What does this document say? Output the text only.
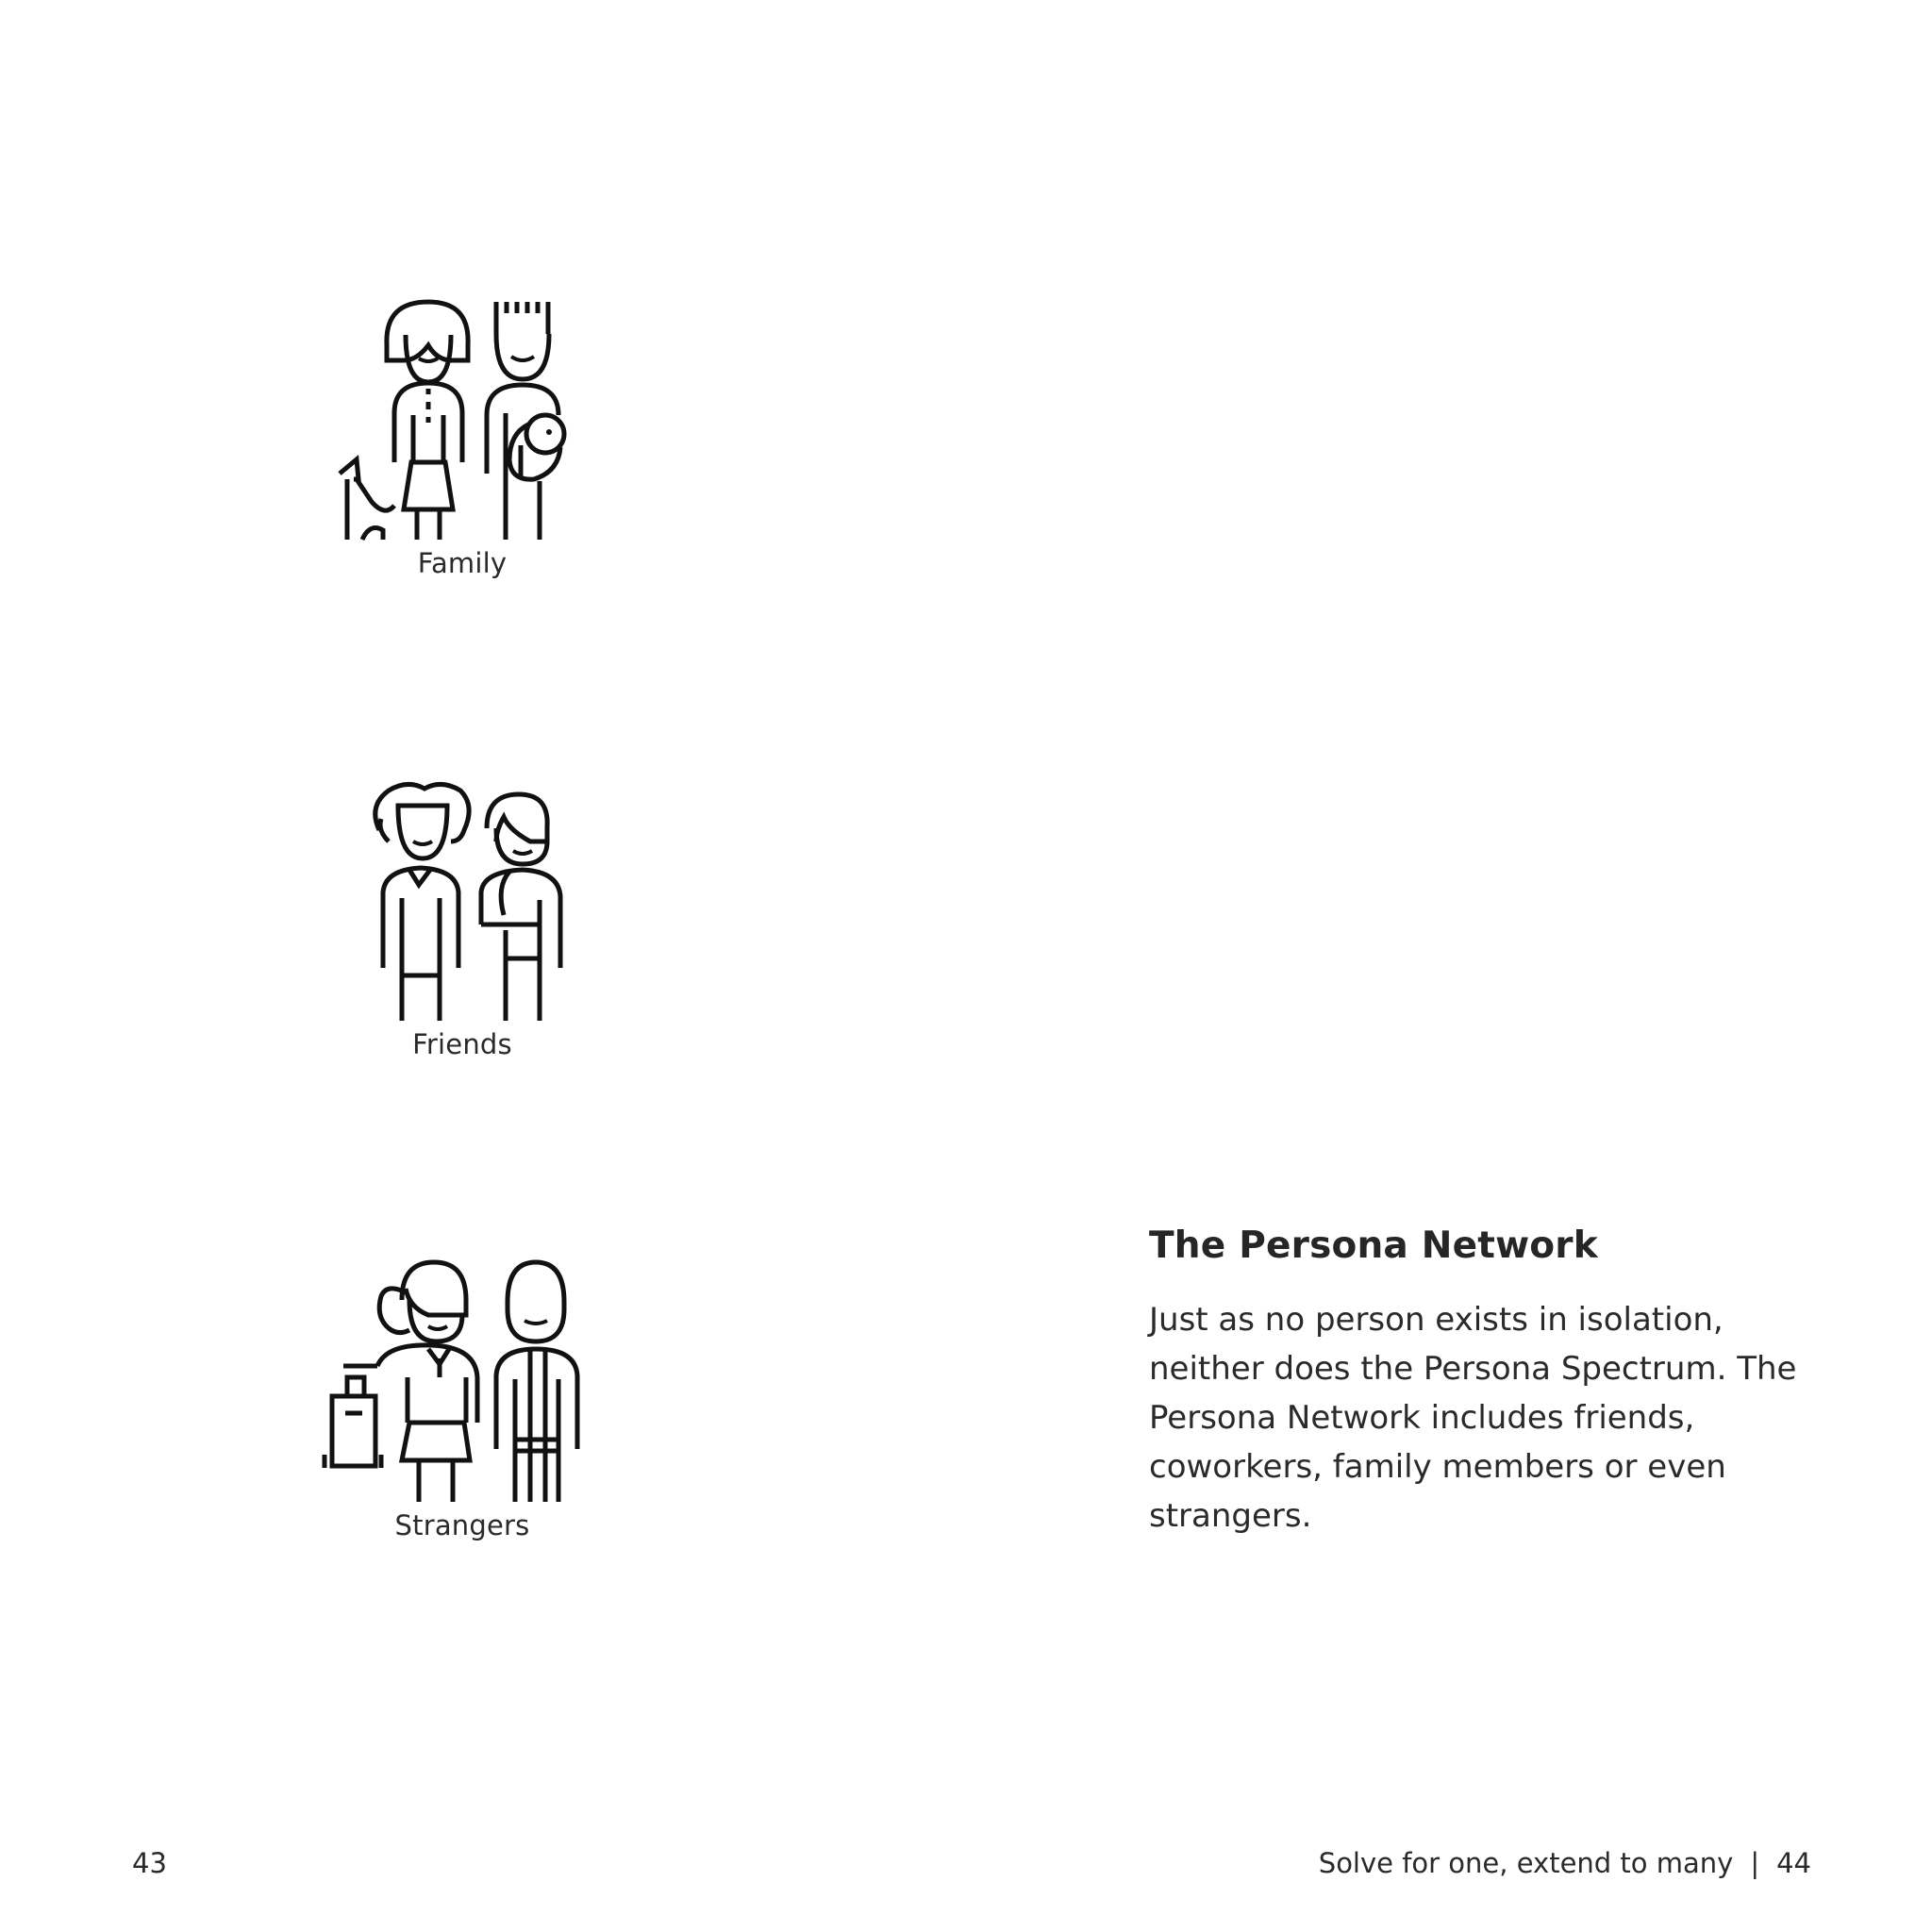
Family
Friends
Strangers
The Persona Network

Just as no person exists in isolation, neither does the Persona Spectrum. The Persona Network includes friends, coworkers, family members or even strangers.

43	Solve for one, extend to many | 44
